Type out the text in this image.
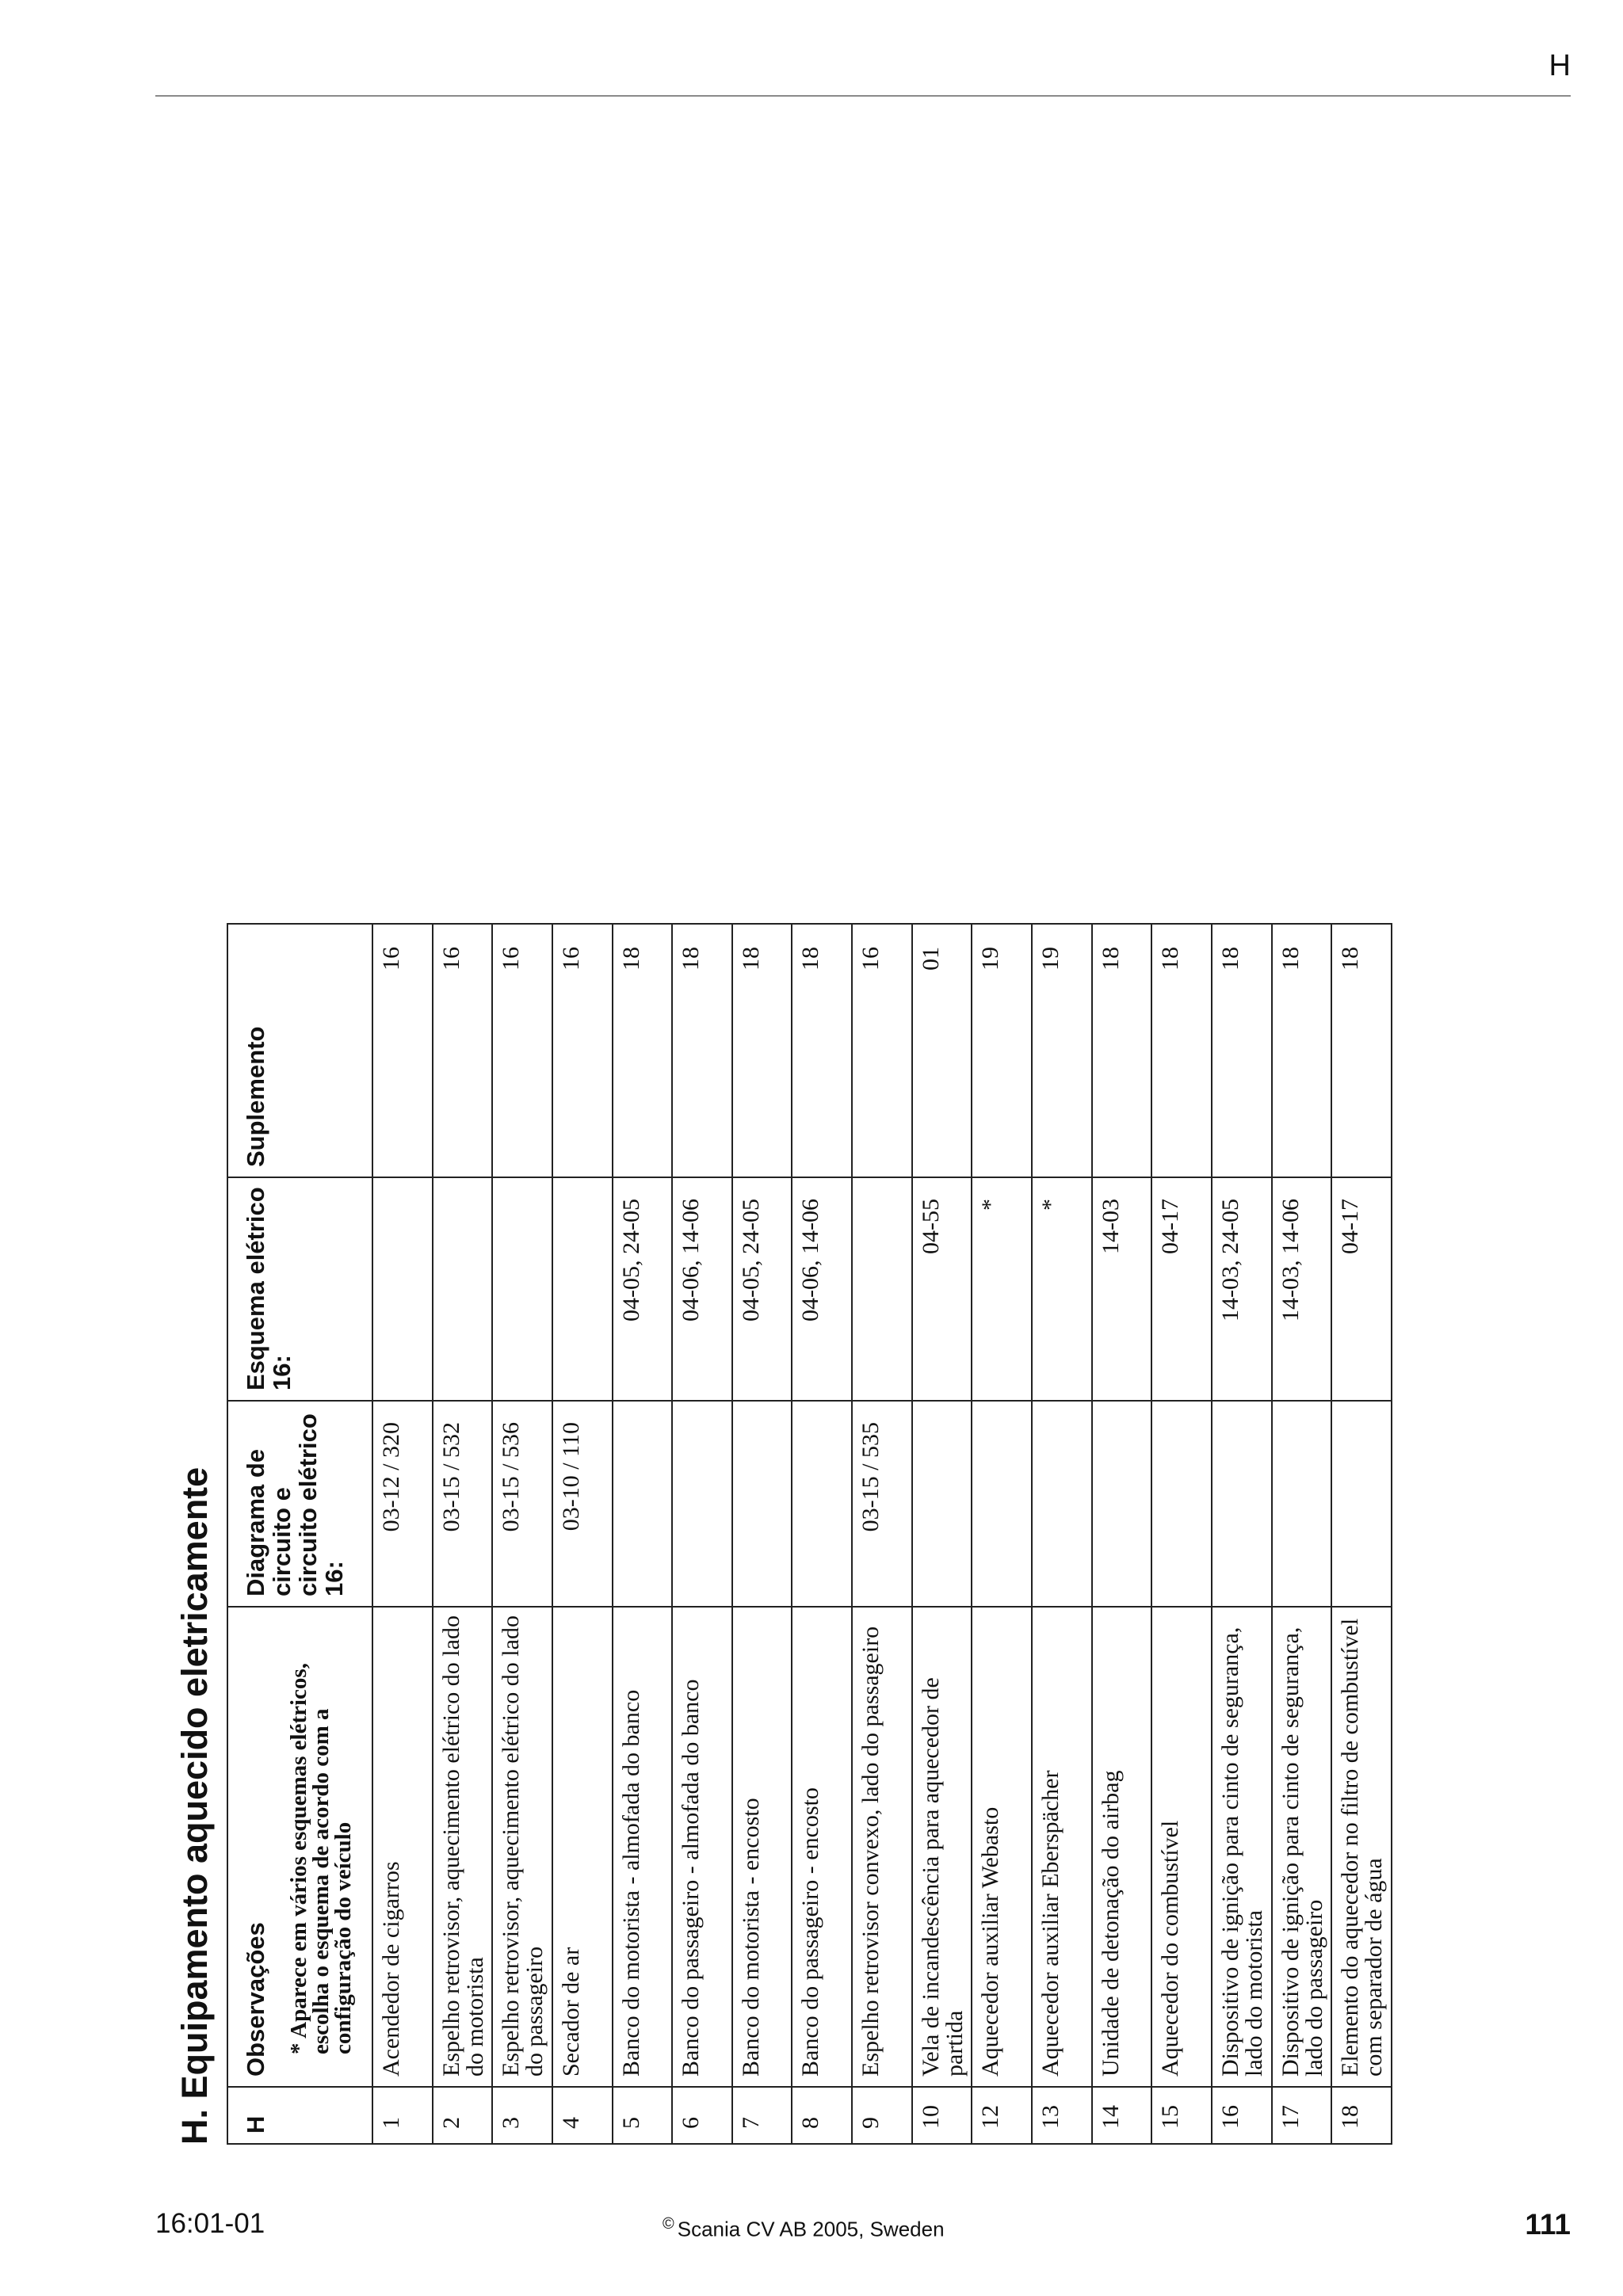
H
H. Equipamento aquecido eletricamente H	Observações * Aparece em vários esquemas elétricos, escolha o esquema de acordo com a configuração do veículo	Diagrama de circuito e circuito elétrico 16:	Esquema elétrico 16:	Suplemento
1	Acendedor de cigarros	03-12 / 320		16
2	Espelho retrovisor, aquecimento elétrico do lado do motorista	03-15 / 532		16
3	Espelho retrovisor, aquecimento elétrico do lado do passageiro	03-15 / 536		16
4	Secador de ar	03-10 / 110		16
5	Banco do motorista - almofada do banco		04-05, 24-05	18
6	Banco do passageiro - almofada do banco		04-06, 14-06	18
7	Banco do motorista - encosto		04-05, 24-05	18
8	Banco do passageiro - encosto		04-06, 14-06	18
9	Espelho retrovisor convexo, lado do passageiro	03-15 / 535		16
10	Vela de incandescência para aquecedor de partida		04-55	01
12	Aquecedor auxiliar Webasto		*	19
13	Aquecedor auxiliar Eberspächer		*	19
14	Unidade de detonação do airbag		14-03	18
15	Aquecedor do combustível		04-17	18
16	Dispositivo de ignição para cinto de segurança, lado do motorista		14-03, 24-05	18
17	Dispositivo de ignição para cinto de segurança, lado do passageiro		14-03, 14-06	18
18	Elemento do aquecedor no filtro de combustível com separador de água		04-17	18
16:01-01	© Scania CV AB 2005, Sweden	111
